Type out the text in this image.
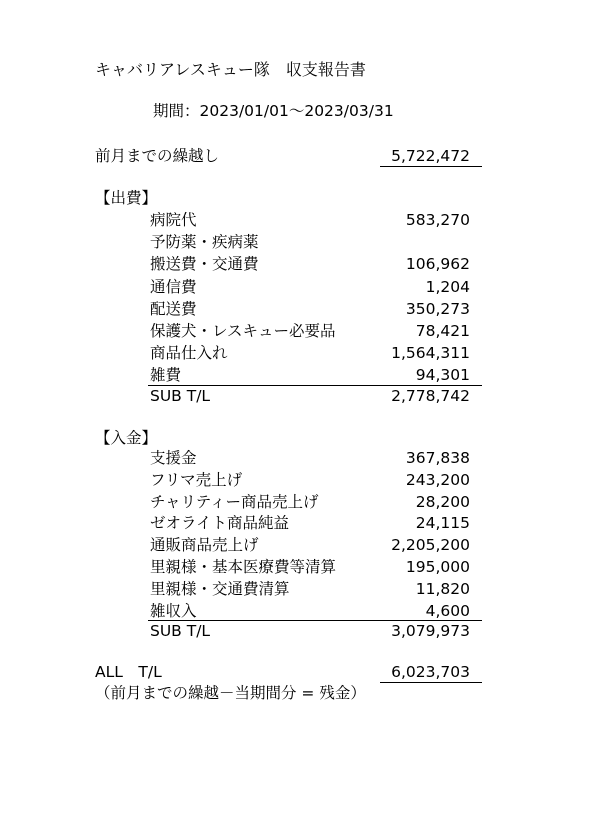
キャバリアレスキュー隊　収支報告書
期間：2023/01/01～2023/03/31
前月までの繰越し	5,722,472
【出費】
病院代	583,270
予防薬・疾病薬
搬送費・交通費	106,962
通信費	1,204
配送費	350,273
保護犬・レスキュー必要品	78,421
商品仕入れ	1,564,311
雑費	94,301
SUB T/L	2,778,742
【入金】
支援金	367,838
フリマ売上げ	243,200
チャリティー商品売上げ	28,200
ゼオライト商品純益	24,115
通販商品売上げ	2,205,200
里親様・基本医療費等清算	195,000
里親様・交通費清算	11,820
雑収入	4,600
SUB T/L	3,079,973
ALL　T/L	6,023,703
（前月までの繰越－当期間分 = 残金）
